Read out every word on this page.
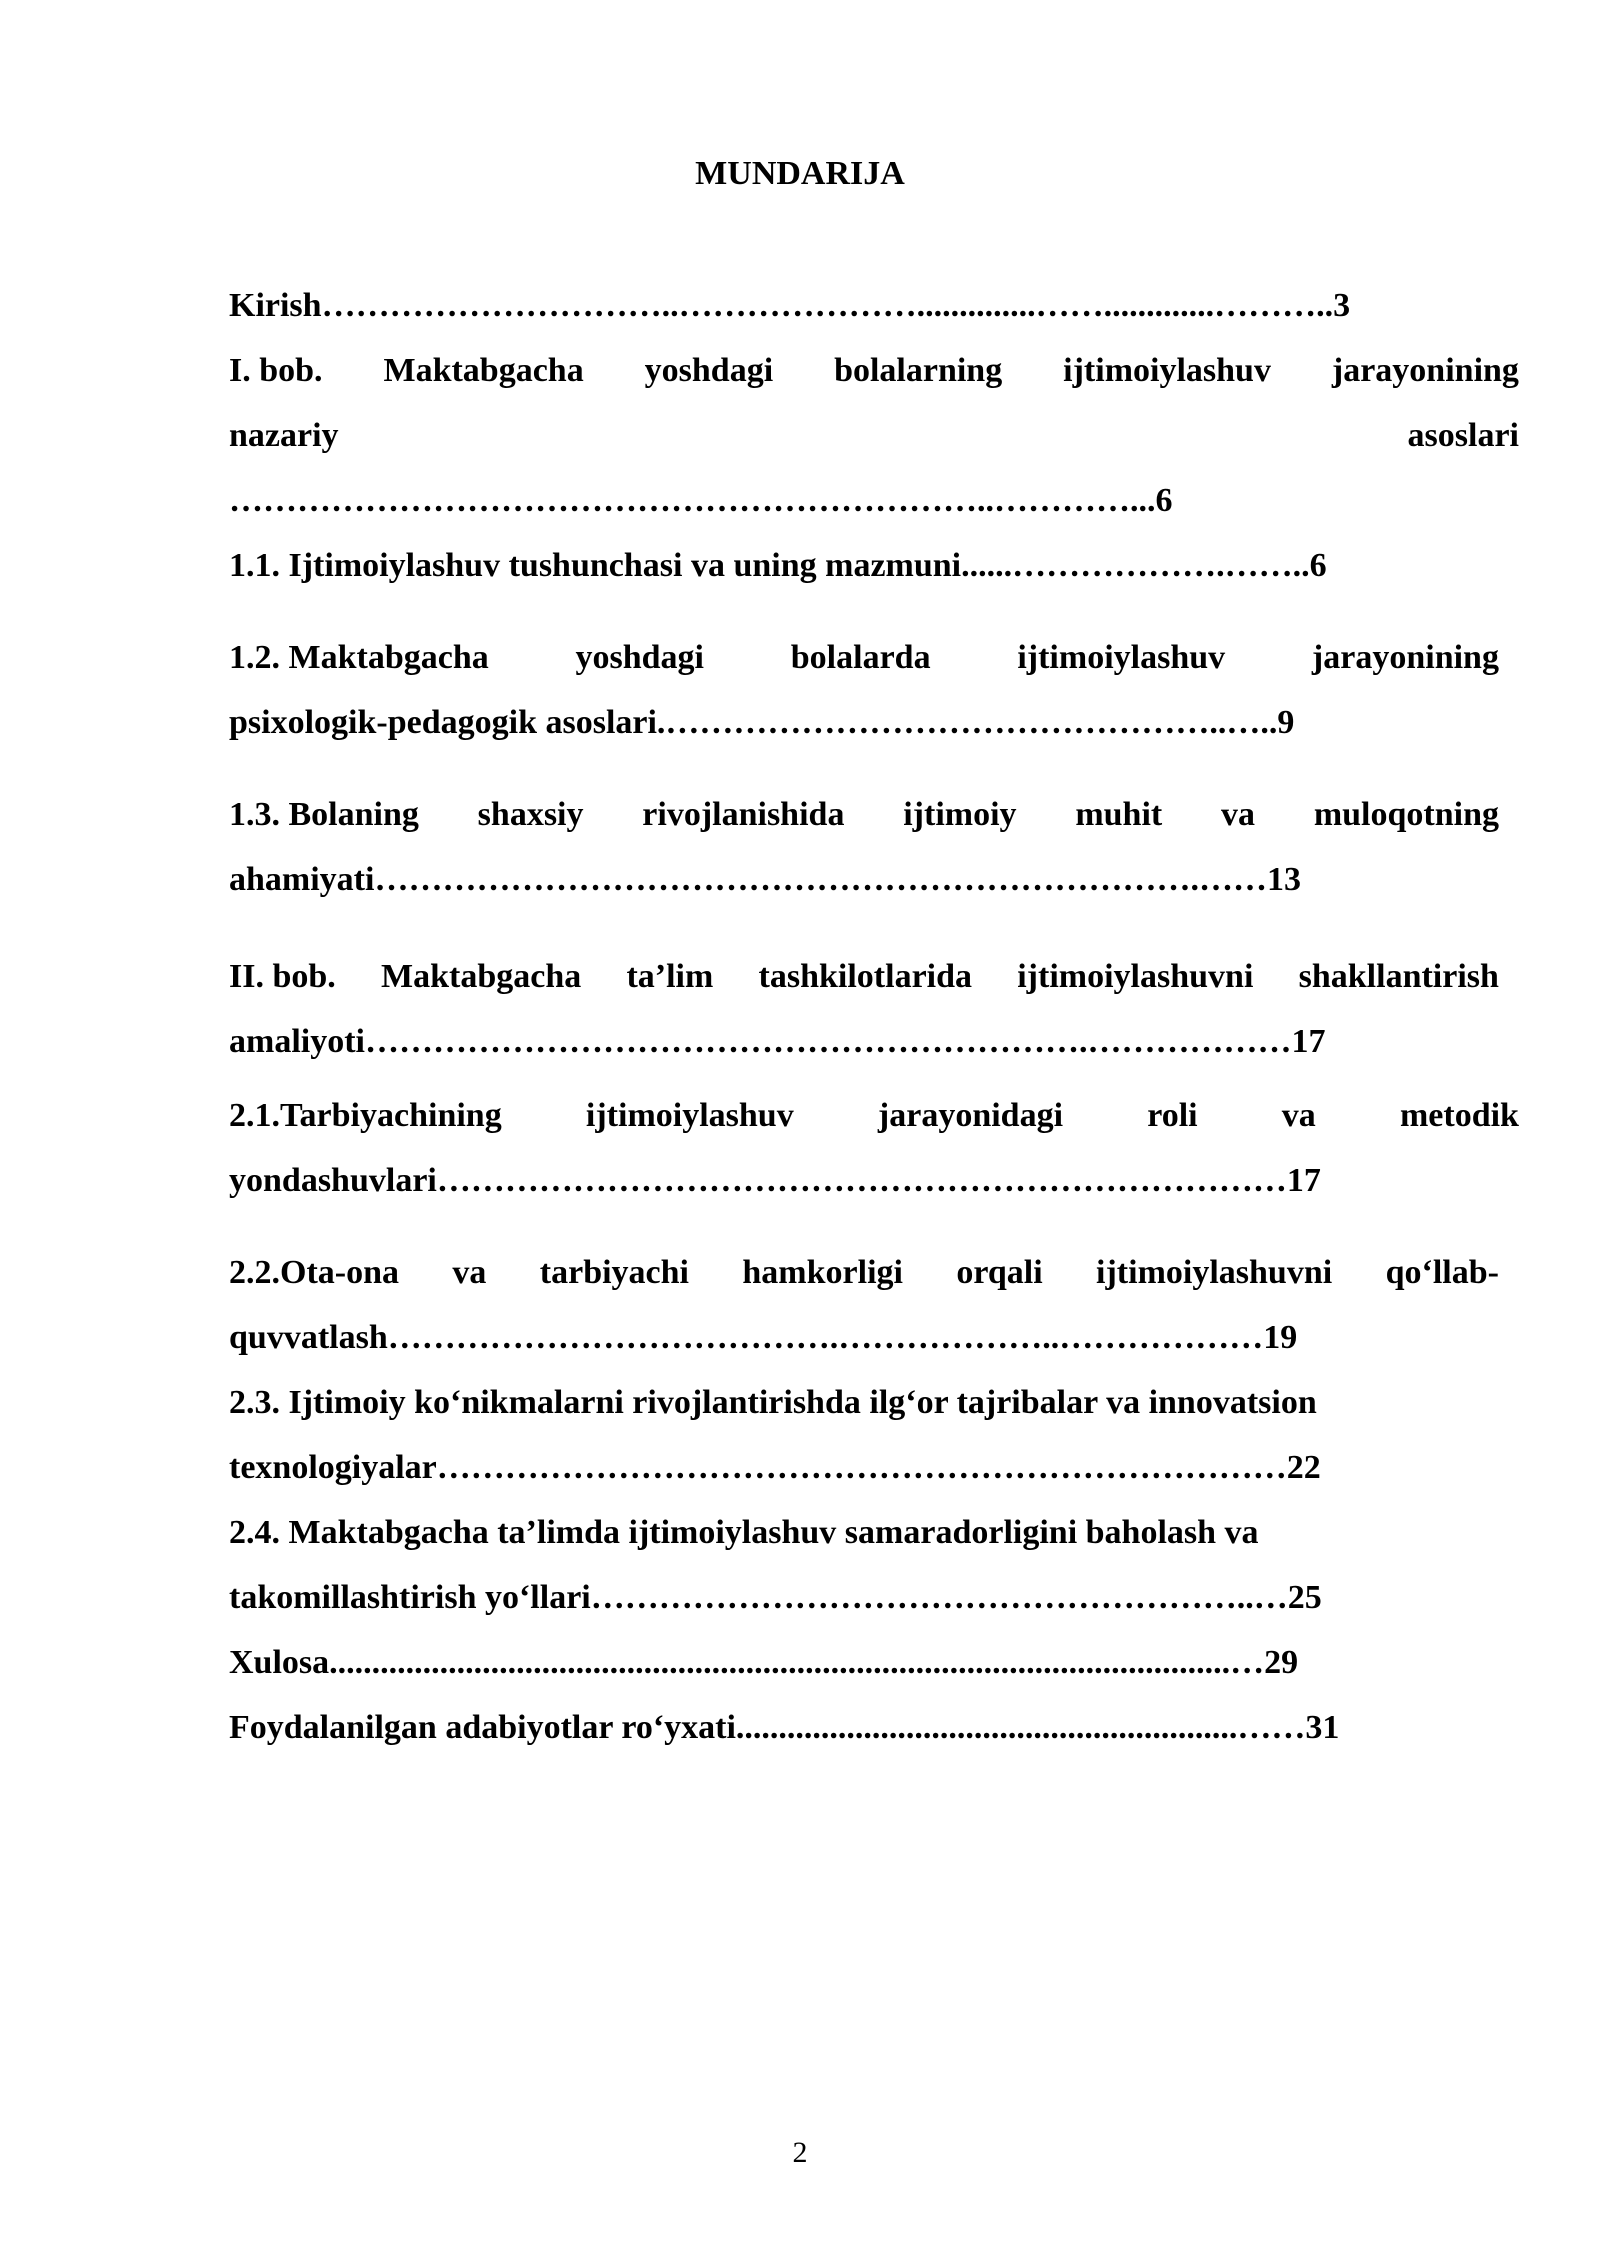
MUNDARIJA
Kirish…………………………..…………………..............…….............………..3
I. bob. Maktabgacha yoshdagi bolalarning ijtimoiylashuv jarayonining
nazariy	asoslari
…………………………………………………………..…………...6
1.1. Ijtimoiylashuv tushunchasi va uning mazmuni......……………….……..6
1.2. Maktabgacha	yoshdagi	bolalarda	ijtimoiylashuv	jarayonining
psixologik-pedagogik asoslari.…………………………………………..…..9
1.3. Bolaning shaxsiy rivojlanishida ijtimoiy muhit va muloqotning
ahamiyati……………………………………………………………….……13
II. bob. Maktabgacha ta’lim tashkilotlarida ijtimoiylashuvni shakllantirish
amaliyoti……………………………………………………….………………17
2.1.Tarbiyachining ijtimoiylashuv jarayonidagi roli va metodik
yondashuvlari…………………………………………………………………17
2.2.Ota-ona va tarbiyachi hamkorligi orqali ijtimoiylashuvni qo‘llab-
quvvatlash………………………………….………………..………………19
2.3. Ijtimoiy ko‘nikmalarni rivojlantirishda ilg‘or tajribalar va innovatsion
texnologiyalar…………………………………………………………………22
2.4. Maktabgacha ta’limda ijtimoiylashuv samaradorligini baholash va
takomillashtirish yo‘llari…………………………………………………..…25
Xulosa..........................................................................................................…29
Foydalanilgan adabiyotlar ro‘yxati...........................................................……31
2
